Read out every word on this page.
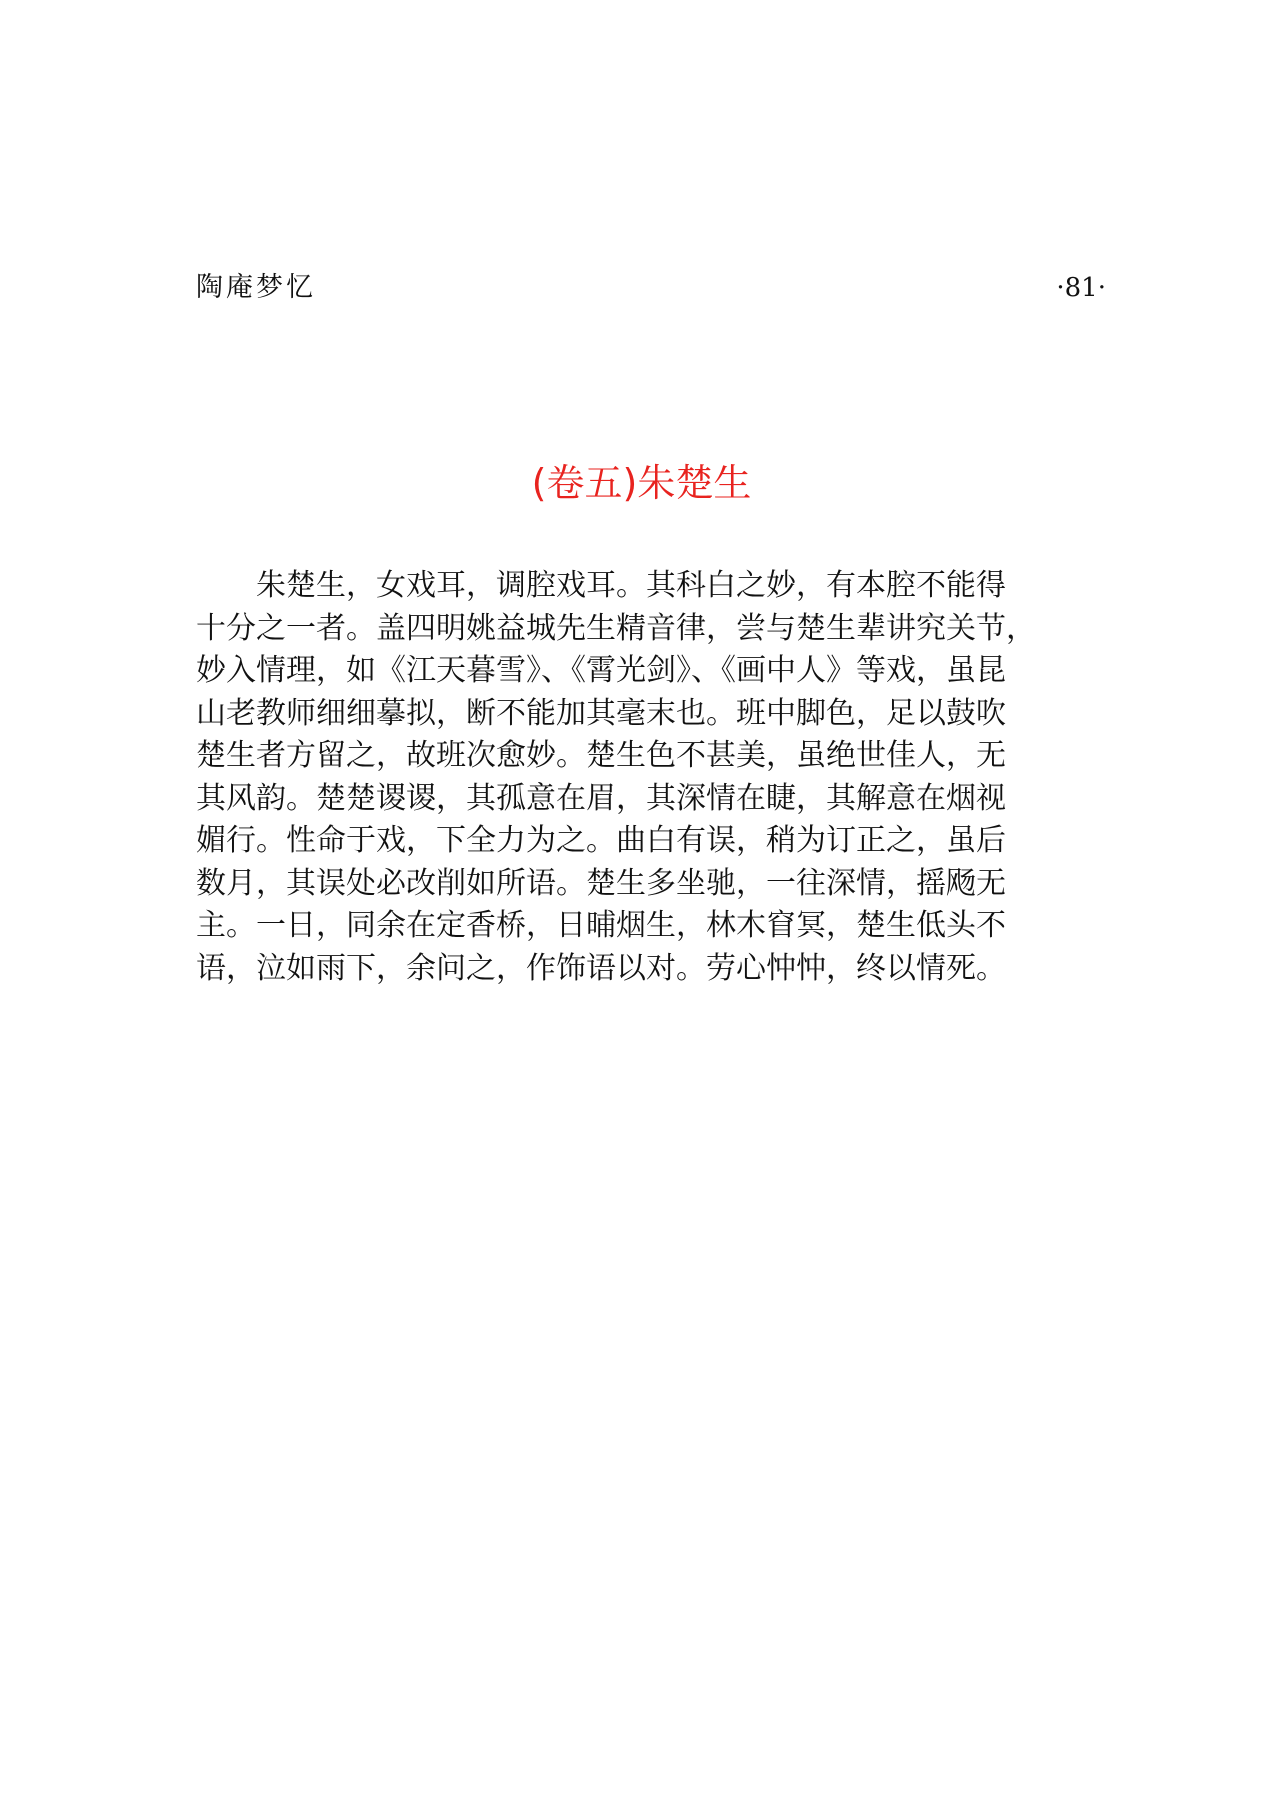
陶庵梦忆	·81·
(卷五)朱楚生
　　朱楚生，女戏耳，调腔戏耳。其科白之妙，有本腔不能得
十分之一者。盖四明姚益城先生精音律，尝与楚生辈讲究关节，
妙入情理，如《江天暮雪》、《霄光剑》、《画中人》等戏，虽昆
山老教师细细摹拟，断不能加其毫末也。班中脚色，足以鼓吹
楚生者方留之，故班次愈妙。楚生色不甚美，虽绝世佳人，无
其风韵。楚楚谡谡，其孤意在眉，其深情在睫，其解意在烟视
媚行。性命于戏，下全力为之。曲白有误，稍为订正之，虽后
数月，其误处必改削如所语。楚生多坐驰，一往深情，摇飏无
主。一日，同余在定香桥，日晡烟生，林木窅冥，楚生低头不
语，泣如雨下，余问之，作饰语以对。劳心忡忡，终以情死。
